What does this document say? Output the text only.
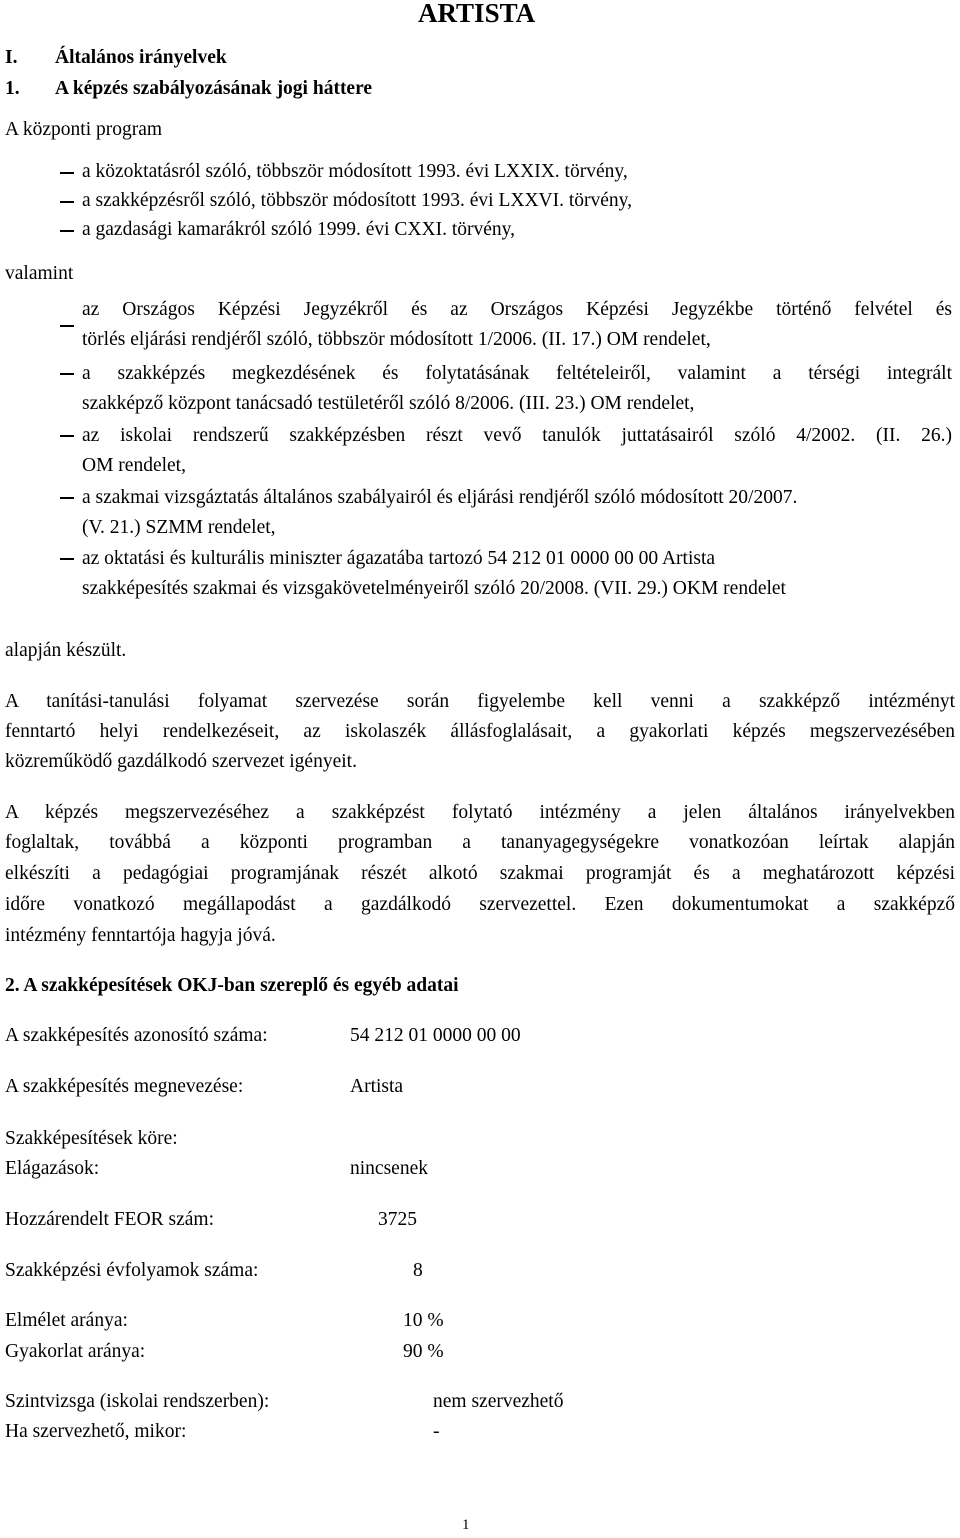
ARTISTA
I. Általános irányelvek
1. A képzés szabályozásának jogi háttere
A központi program
a közoktatásról szóló, többször módosított 1993. évi LXXIX. törvény,
a szakképzésről szóló, többször módosított 1993. évi LXXVI. törvény,
a gazdasági kamarákról szóló 1999. évi CXXI. törvény,
valamint
az Országos Képzési Jegyzékről és az Országos Képzési Jegyzékbe történő felvétel és
törlés eljárási rendjéről szóló, többször módosított 1/2006. (II. 17.) OM rendelet,
a szakképzés megkezdésének és folytatásának feltételeiről, valamint a térségi integrált
szakképző központ tanácsadó testületéről szóló 8/2006. (III. 23.) OM rendelet,
az iskolai rendszerű szakképzésben részt vevő tanulók juttatásairól szóló 4/2002. (II. 26.)
OM rendelet,
a szakmai vizsgáztatás általános szabályairól és eljárási rendjéről szóló módosított 20/2007.
(V. 21.) SZMM rendelet,
az oktatási és kulturális miniszter ágazatába tartozó 54 212 01 0000 00 00 Artista
szakképesítés szakmai és vizsgakövetelményeiről szóló 20/2008. (VII. 29.) OKM rendelet
alapján készült.
A tanítási-tanulási folyamat szervezése során figyelembe kell venni a szakképző intézményt
fenntartó helyi rendelkezéseit, az iskolaszék állásfoglalásait, a gyakorlati képzés megszervezésében
közreműködő gazdálkodó szervezet igényeit.
A képzés megszervezéséhez a szakképzést folytató intézmény a jelen általános irányelvekben
foglaltak, továbbá a központi programban a tananyagegységekre vonatkozóan leírtak alapján
elkészíti a pedagógiai programjának részét alkotó szakmai programját és a meghatározott képzési
időre vonatkozó megállapodást a gazdálkodó szervezettel. Ezen dokumentumokat a szakképző
intézmény fenntartója hagyja jóvá.
2. A szakképesítések OKJ-ban szereplő és egyéb adatai
A szakképesítés azonosító száma:	54 212 01 0000 00 00
A szakképesítés megnevezése:	Artista
Szakképesítések köre:
Elágazások:	nincsenek
Hozzárendelt FEOR szám:	3725
Szakképzési évfolyamok száma:	8
Elmélet aránya:	10 %
Gyakorlat aránya:	90 %
Szintvizsga (iskolai rendszerben):	nem szervezhető
Ha szervezhető, mikor:	-
1
